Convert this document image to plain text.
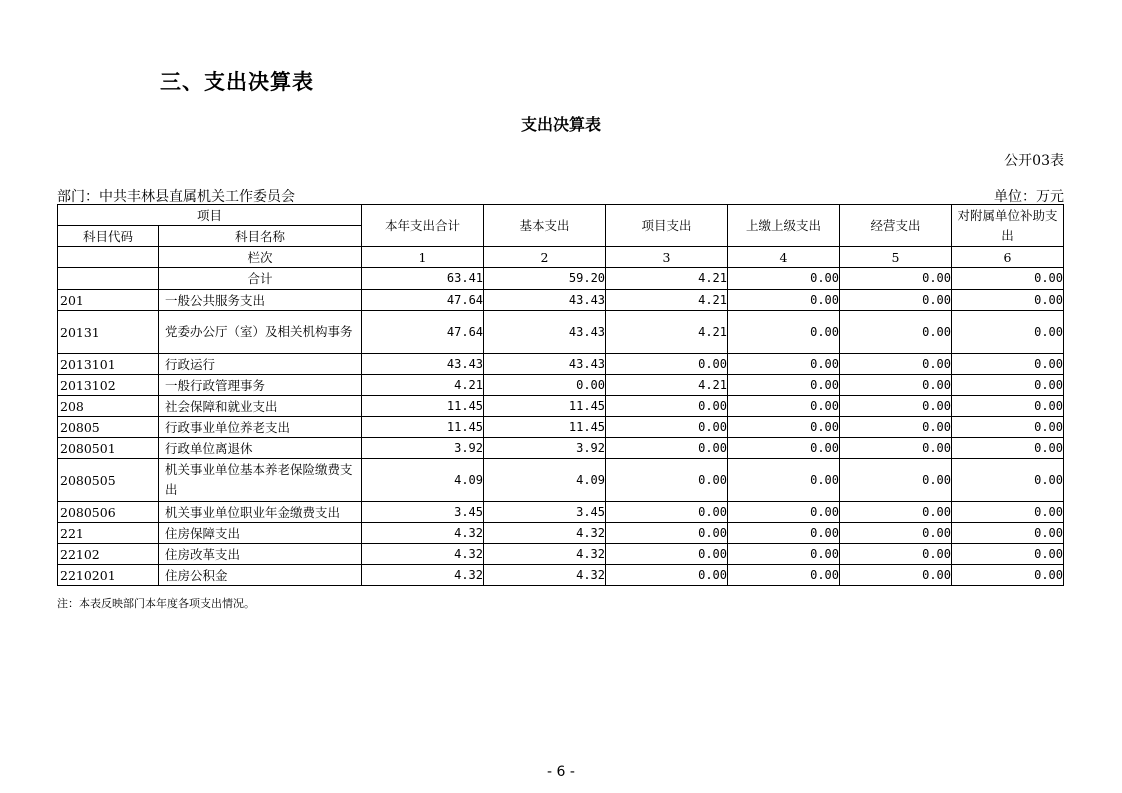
三、支出决算表
支出决算表
公开03表
部门：中共丰林县直属机关工作委员会	单位：万元
项目		本年支出合计	基本支出	项目支出	上缴上级支出	经营支出	对附属单位补助支出
科目代码	科目名称						
	栏次	1	2	3	4	5	6
	合计	63.41	59.20	4.21	0.00	0.00	0.00
201	一般公共服务支出	47.64	43.43	4.21	0.00	0.00	0.00
20131	党委办公厅（室）及相关机构事务	47.64	43.43	4.21	0.00	0.00	0.00
2013101	行政运行	43.43	43.43	0.00	0.00	0.00	0.00
2013102	一般行政管理事务	4.21	0.00	4.21	0.00	0.00	0.00
208	社会保障和就业支出	11.45	11.45	0.00	0.00	0.00	0.00
20805	行政事业单位养老支出	11.45	11.45	0.00	0.00	0.00	0.00
2080501	行政单位离退休	3.92	3.92	0.00	0.00	0.00	0.00
2080505	机关事业单位基本养老保险缴费支出	4.09	4.09	0.00	0.00	0.00	0.00
2080506	机关事业单位职业年金缴费支出	3.45	3.45	0.00	0.00	0.00	0.00
221	住房保障支出	4.32	4.32	0.00	0.00	0.00	0.00
22102	住房改革支出	4.32	4.32	0.00	0.00	0.00	0.00
2210201	住房公积金	4.32	4.32	0.00	0.00	0.00	0.00
注：本表反映部门本年度各项支出情况。
- 6 -
